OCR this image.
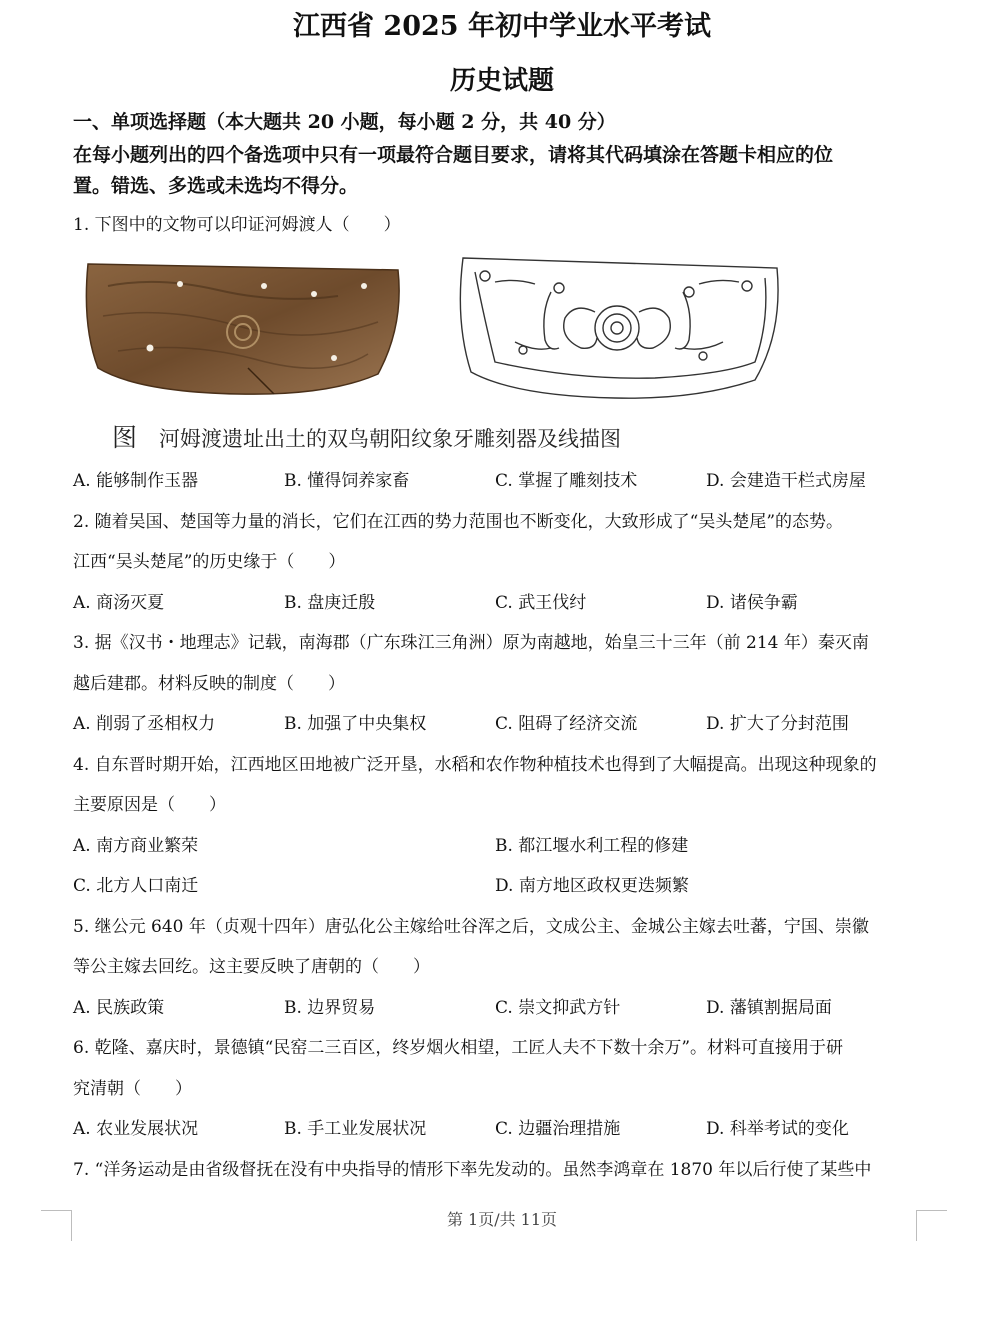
江西省 2025 年初中学业水平考试
历史试题
一、单项选择题（本大题共 20 小题，每小题 2 分，共 40 分）
在每小题列出的四个备选项中只有一项最符合题目要求，请将其代码填涂在答题卡相应的位
置。错选、多选或未选均不得分。
1. 下图中的文物可以印证河姆渡人（　　）
图 河姆渡遗址出土的双鸟朝阳纹象牙雕刻器及线描图
A. 能够制作玉器	B. 懂得饲养家畜	C. 掌握了雕刻技术	D. 会建造干栏式房屋
2. 随着吴国、楚国等力量的消长，它们在江西的势力范围也不断变化，大致形成了“吴头楚尾”的态势。
江西“吴头楚尾”的历史缘于（　　）
A. 商汤灭夏	B. 盘庚迁殷	C. 武王伐纣	D. 诸侯争霸
3. 据《汉书・地理志》记载，南海郡（广东珠江三角洲）原为南越地，始皇三十三年（前 214 年）秦灭南
越后建郡。材料反映的制度（　　）
A. 削弱了丞相权力	B. 加强了中央集权	C. 阻碍了经济交流	D. 扩大了分封范围
4. 自东晋时期开始，江西地区田地被广泛开垦，水稻和农作物种植技术也得到了大幅提高。出现这种现象的
主要原因是（　　）
A. 南方商业繁荣	B. 都江堰水利工程的修建
C. 北方人口南迁	D. 南方地区政权更迭频繁
5. 继公元 640 年（贞观十四年）唐弘化公主嫁给吐谷浑之后，文成公主、金城公主嫁去吐蕃，宁国、崇徽
等公主嫁去回纥。这主要反映了唐朝的（　　）
A. 民族政策	B. 边界贸易	C. 崇文抑武方针	D. 藩镇割据局面
6. 乾隆、嘉庆时，景德镇“民窑二三百区，终岁烟火相望，工匠人夫不下数十余万”。材料可直接用于研
究清朝（　　）
A. 农业发展状况	B. 手工业发展状况	C. 边疆治理措施	D. 科举考试的变化
7. “洋务运动是由省级督抚在没有中央指导的情形下率先发动的。虽然李鸿章在 1870 年以后行使了某些中
第 1页/共 11页
